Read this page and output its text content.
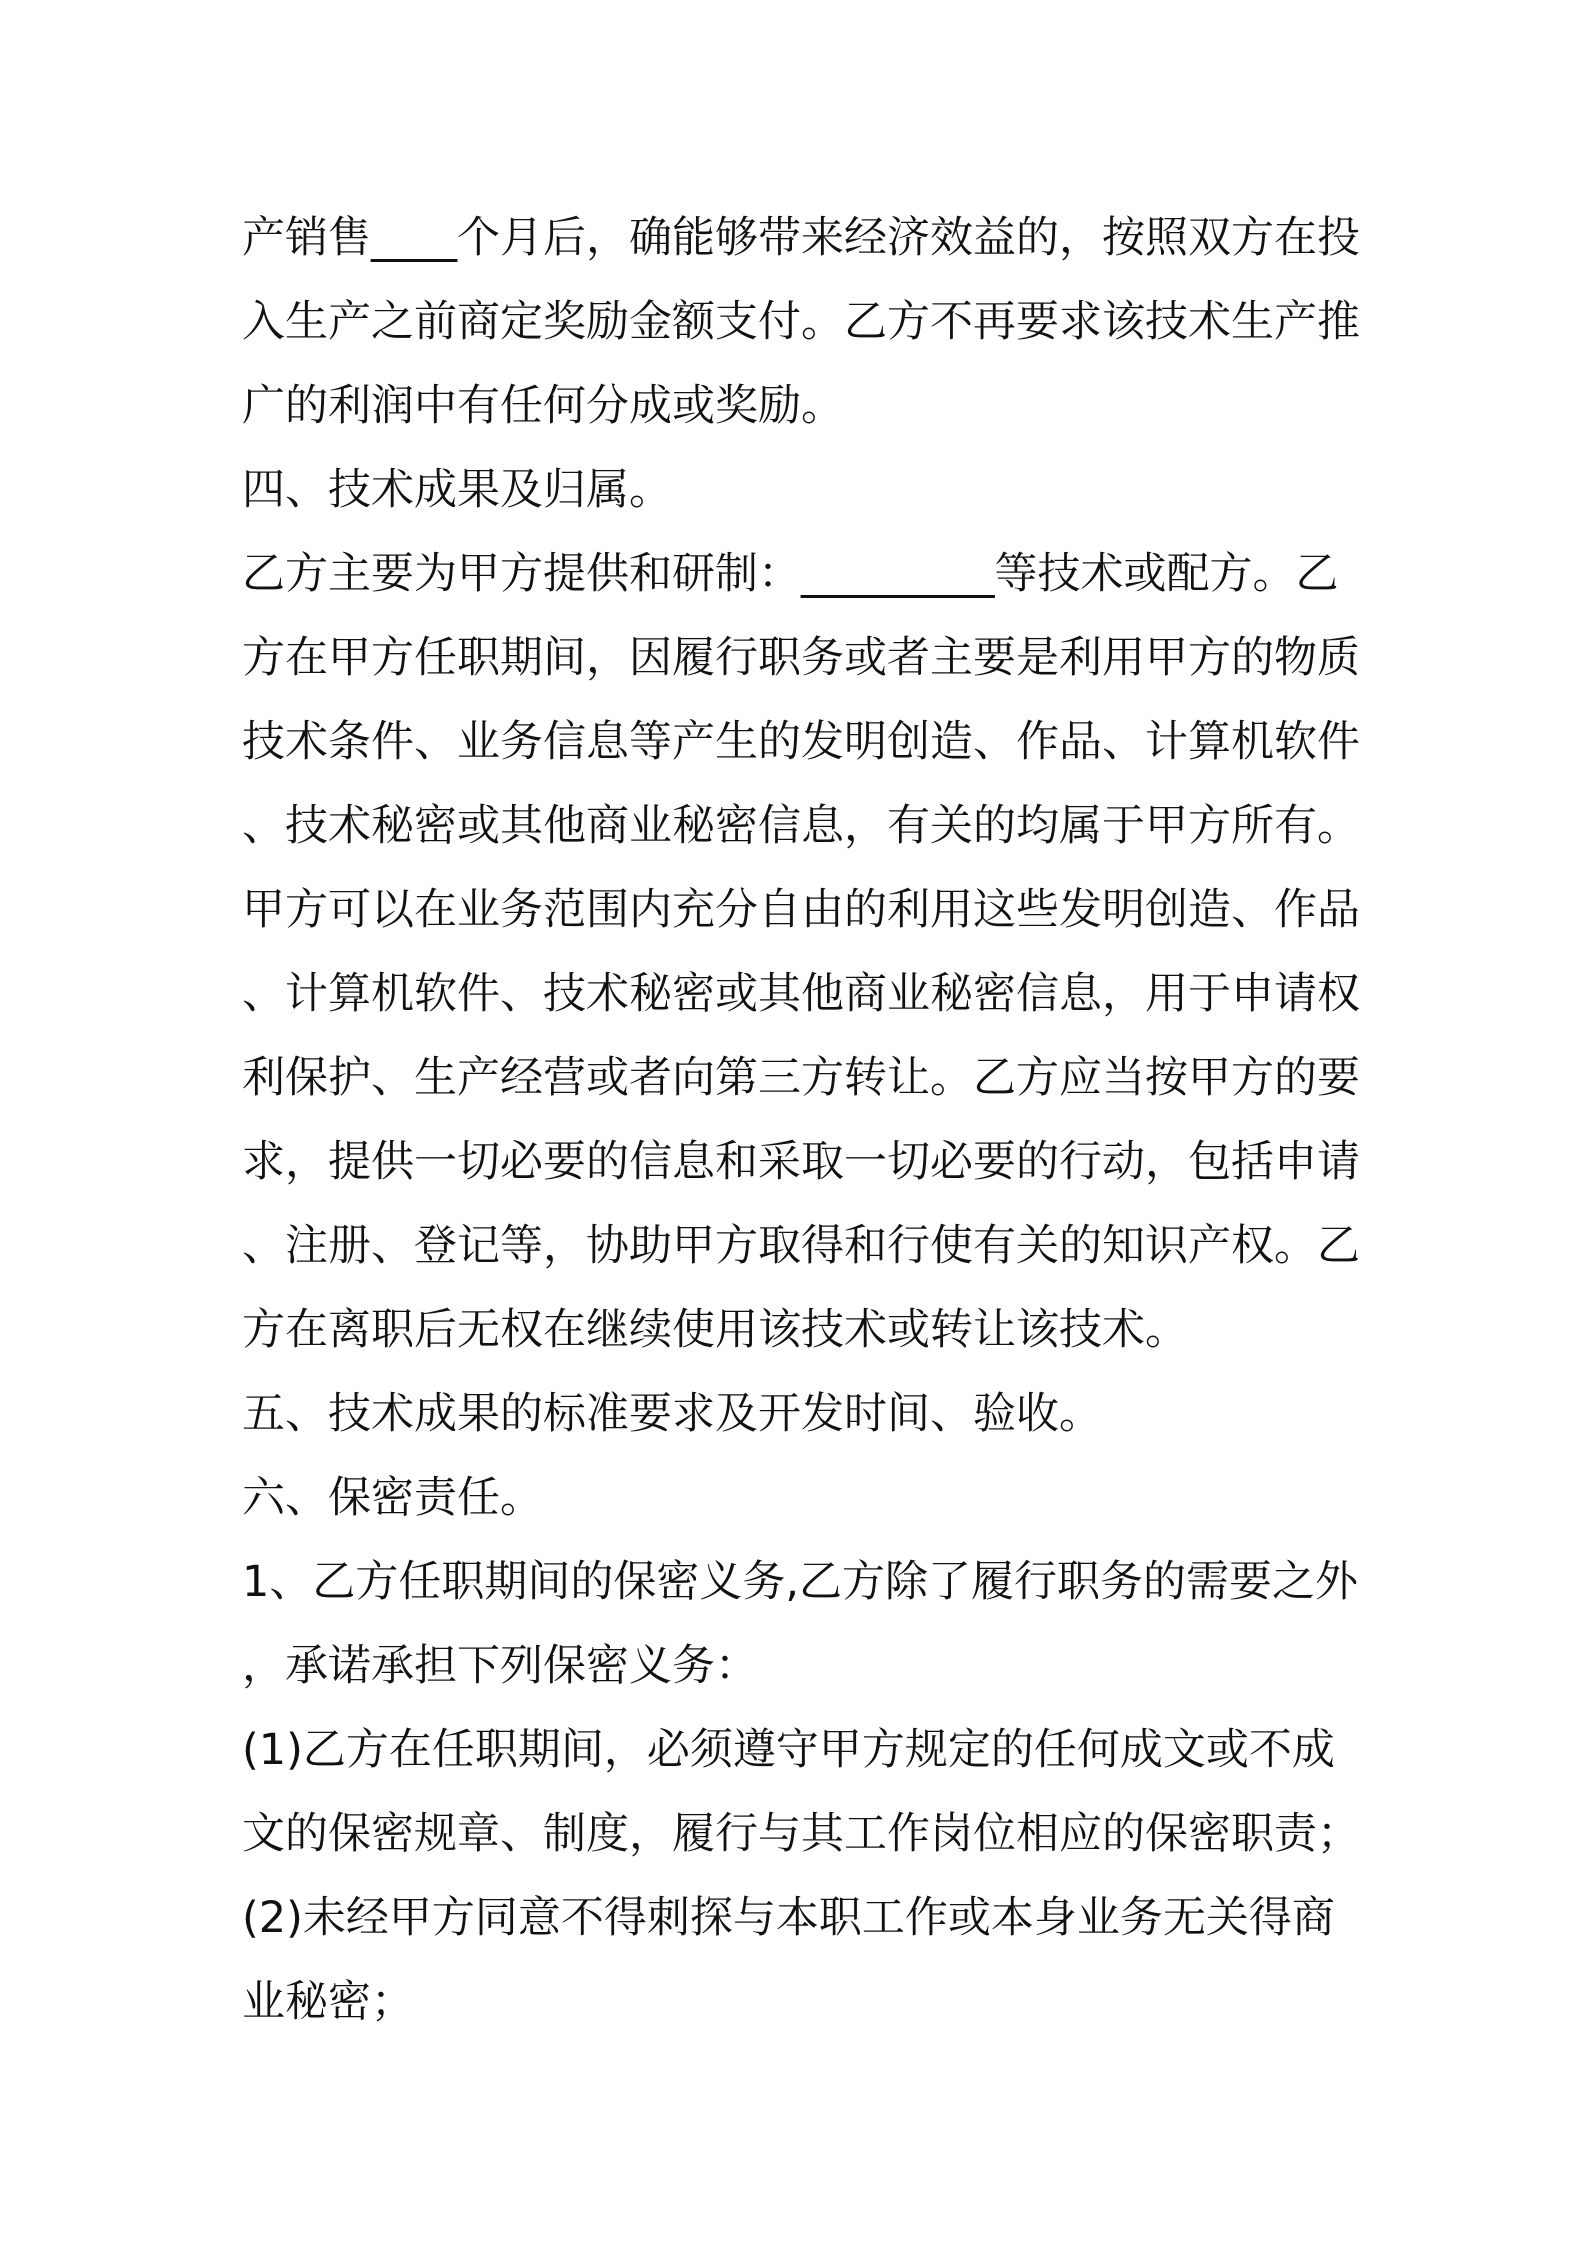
产销售____个月后，确能够带来经济效益的，按照双方在投
入生产之前商定奖励金额支付。乙方不再要求该技术生产推
广的利润中有任何分成或奖励。
四、技术成果及归属。
乙方主要为甲方提供和研制：_________等技术或配方。乙
方在甲方任职期间，因履行职务或者主要是利用甲方的物质
技术条件、业务信息等产生的发明创造、作品、计算机软件
、技术秘密或其他商业秘密信息，有关的均属于甲方所有。
甲方可以在业务范围内充分自由的利用这些发明创造、作品
、计算机软件、技术秘密或其他商业秘密信息，用于申请权
利保护、生产经营或者向第三方转让。乙方应当按甲方的要
求，提供一切必要的信息和采取一切必要的行动，包括申请
、注册、登记等，协助甲方取得和行使有关的知识产权。乙
方在离职后无权在继续使用该技术或转让该技术。
五、技术成果的标准要求及开发时间、验收。
六、保密责任。
1、乙方任职期间的保密义务,乙方除了履行职务的需要之外
，承诺承担下列保密义务：
(1)乙方在任职期间，必须遵守甲方规定的任何成文或不成
文的保密规章、制度，履行与其工作岗位相应的保密职责；
(2)未经甲方同意不得刺探与本职工作或本身业务无关得商
业秘密；
